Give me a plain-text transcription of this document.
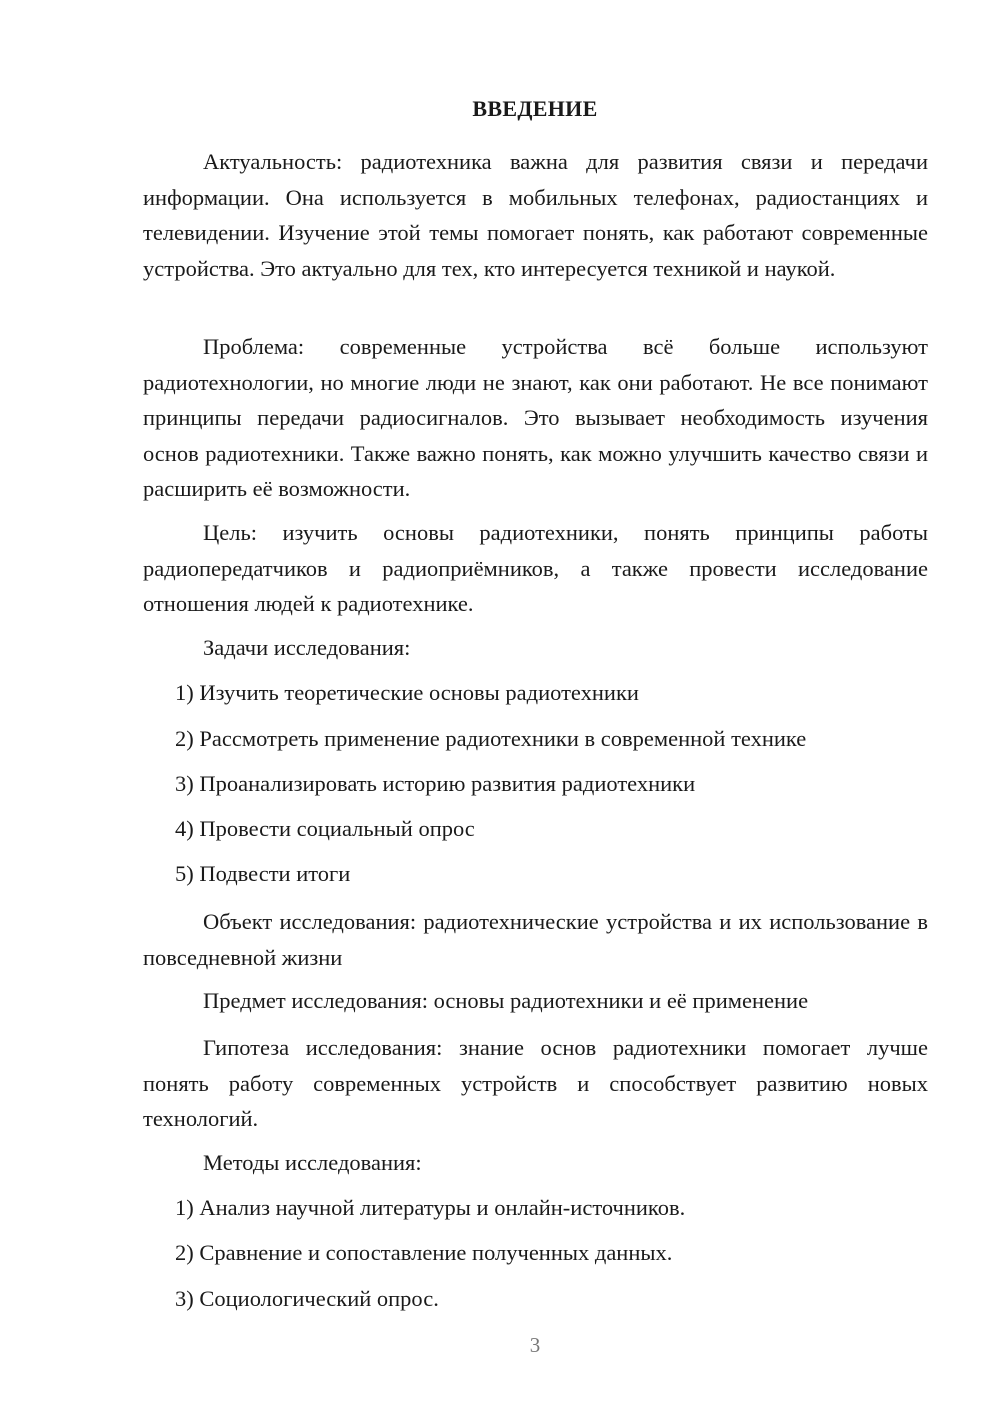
ВВЕДЕНИЕ

Актуальность: радиотехника важна для развития связи и передачи информации. Она используется в мобильных телефонах, радиостанциях и телевидении. Изучение этой темы помогает понять, как работают современные устройства. Это актуально для тех, кто интересуется техникой и наукой.

Проблема: современные устройства всё больше используют радиотехнологии, но многие люди не знают, как они работают. Не все понимают принципы передачи радиосигналов. Это вызывает необходимость изучения основ радиотехники. Также важно понять, как можно улучшить качество связи и расширить её возможности.

Цель: изучить основы радиотехники, понять принципы работы радиопередатчиков и радиоприёмников, а также провести исследование отношения людей к радиотехнике.

Задачи исследования:
1) Изучить теоретические основы радиотехники
2) Рассмотреть применение радиотехники в современной технике
3) Проанализировать историю развития радиотехники
4) Провести социальный опрос
5) Подвести итоги

Объект исследования: радиотехнические устройства и их использование в повседневной жизни

Предмет исследования: основы радиотехники и её применение

Гипотеза исследования: знание основ радиотехники помогает лучше понять работу современных устройств и способствует развитию новых технологий.

Методы исследования:
1) Анализ научной литературы и онлайн-источников.
2) Сравнение и сопоставление полученных данных.
3) Социологический опрос.
3
